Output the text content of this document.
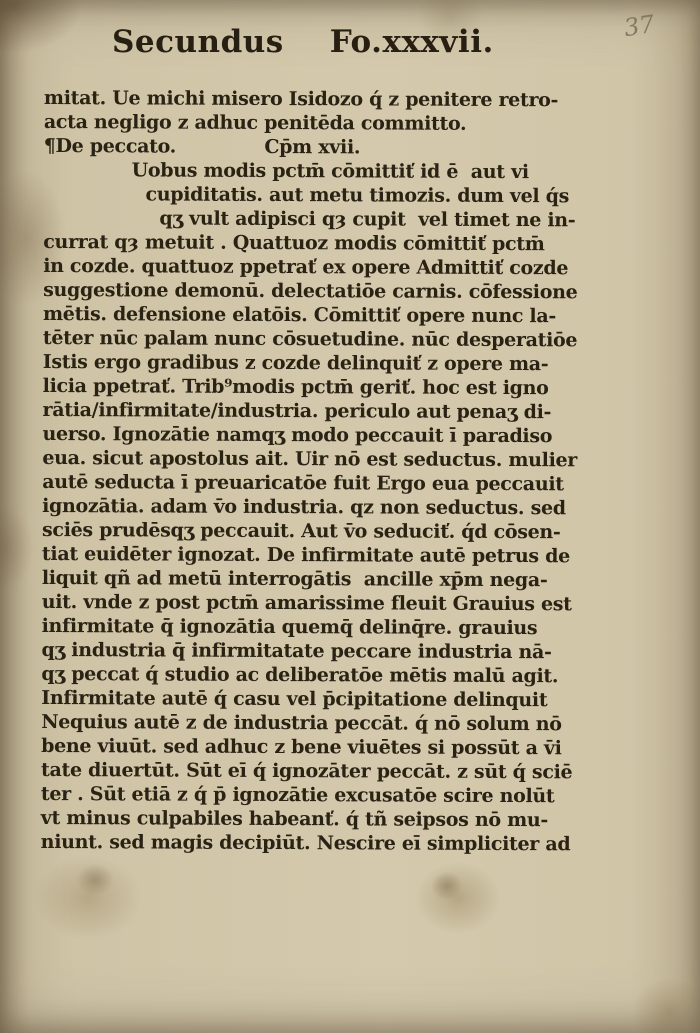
37
Secundus Fo.xxxvii.
mitat. Ue michi misero Isidozo q́ z penitere retro-
acta negligo z adhuc penitēda committo.
¶De peccato.              Cp̄m xvii.
Uobus modis pctm̄ cōmittiť id ē  aut vi
cupiditatis. aut metu timozis. dum vel q́s
qʒ vult adipisci qȝ cupit  vel timet ne in-
currat qȝ metuit . Quattuoz modis cōmittiť pctm̄
in cozde. quattuoz ppetrať ex opere Admittiť cozde
suggestione demonū. delectatiōe carnis. cōfessione
mētis. defensione elatōis. Cōmittiť opere nunc la-
tēter nūc palam nunc cōsuetudine. nūc desperatiōe
Istis ergo gradibus z cozde delinquiť z opere ma-
licia ppetrať. Trib⁹modis pctm̄ geriť. hoc est igno
rātia/infirmitate/industria. periculo aut penaʒ di-
uerso. Ignozātie namqʒ modo peccauit ī paradiso
eua. sicut apostolus ait. Uir nō est seductus. mulier
autē seducta ī preuaricatōe fuit Ergo eua peccauit
ignozātia. adam v̄o industria. qz non seductus. sed
sciēs prudēsqʒ peccauit. Aut v̄o seduciť. q́d cōsen-
tiat euidēter ignozat. De infirmitate autē petrus de
liquit qñ ad metū interrogātis  ancille xp̄m nega-
uit. vnde z post pctm̄ amarissime fleuit Grauius est
infirmitate q̄ ignozātia quemq̄ delinq̄re. grauius
qʒ industria q̄ infirmitatate peccare industria nā-
qʒ peccat q́ studio ac deliberatōe mētis malū agit.
Infirmitate autē q́ casu vel p̄cipitatione delinquit
Nequius autē z de industria peccāt. q́ nō solum nō
bene viuūt. sed adhuc z bene viuētes si possūt a v̄i
tate diuertūt. Sūt eī q́ ignozāter peccāt. z sūt q́ sciē
ter . Sūt etiā z q́ p̄ ignozātie excusatōe scire nolūt
vt minus culpabiles habeanť. q́ tñ seipsos nō mu-
niunt. sed magis decipiūt. Nescire eī simpliciter ad
